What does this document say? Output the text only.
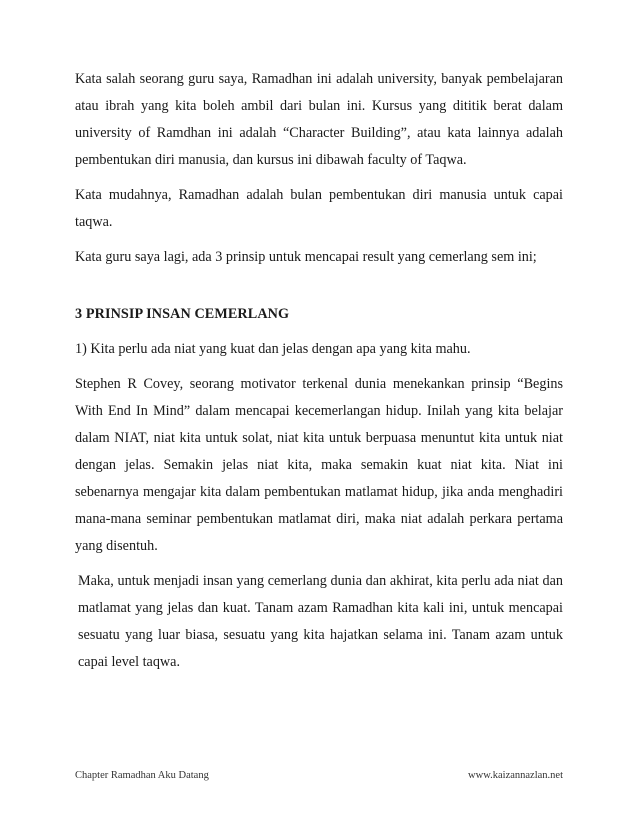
Kata salah seorang guru saya, Ramadhan ini adalah university, banyak pembelajaran atau ibrah yang kita boleh ambil dari bulan ini. Kursus yang dititik berat dalam university of Ramdhan ini adalah “Character Building”, atau kata lainnya adalah pembentukan diri manusia, dan kursus ini dibawah faculty of Taqwa.

Kata mudahnya, Ramadhan adalah bulan pembentukan diri manusia untuk capai taqwa.

Kata guru saya lagi, ada 3 prinsip untuk mencapai result yang cemerlang sem ini;

3 PRINSIP INSAN CEMERLANG

1) Kita perlu ada niat yang kuat dan jelas dengan apa yang kita mahu.

Stephen R Covey, seorang motivator terkenal dunia menekankan prinsip “Begins With End In Mind” dalam mencapai kecemerlangan hidup. Inilah yang kita belajar dalam NIAT, niat kita untuk solat, niat kita untuk berpuasa menuntut kita untuk niat dengan jelas. Semakin jelas niat kita, maka semakin kuat niat kita. Niat ini sebenarnya mengajar kita dalam pembentukan matlamat hidup, jika anda menghadiri mana-mana seminar pembentukan matlamat diri, maka niat adalah perkara pertama yang disentuh.

Maka, untuk menjadi insan yang cemerlang dunia dan akhirat, kita perlu ada niat dan matlamat yang jelas dan kuat. Tanam azam Ramadhan kita kali ini, untuk mencapai sesuatu yang luar biasa, sesuatu yang kita hajatkan selama ini. Tanam azam untuk capai level taqwa.

Chapter Ramadhan Aku Datang	www.kaizannazlan.net
